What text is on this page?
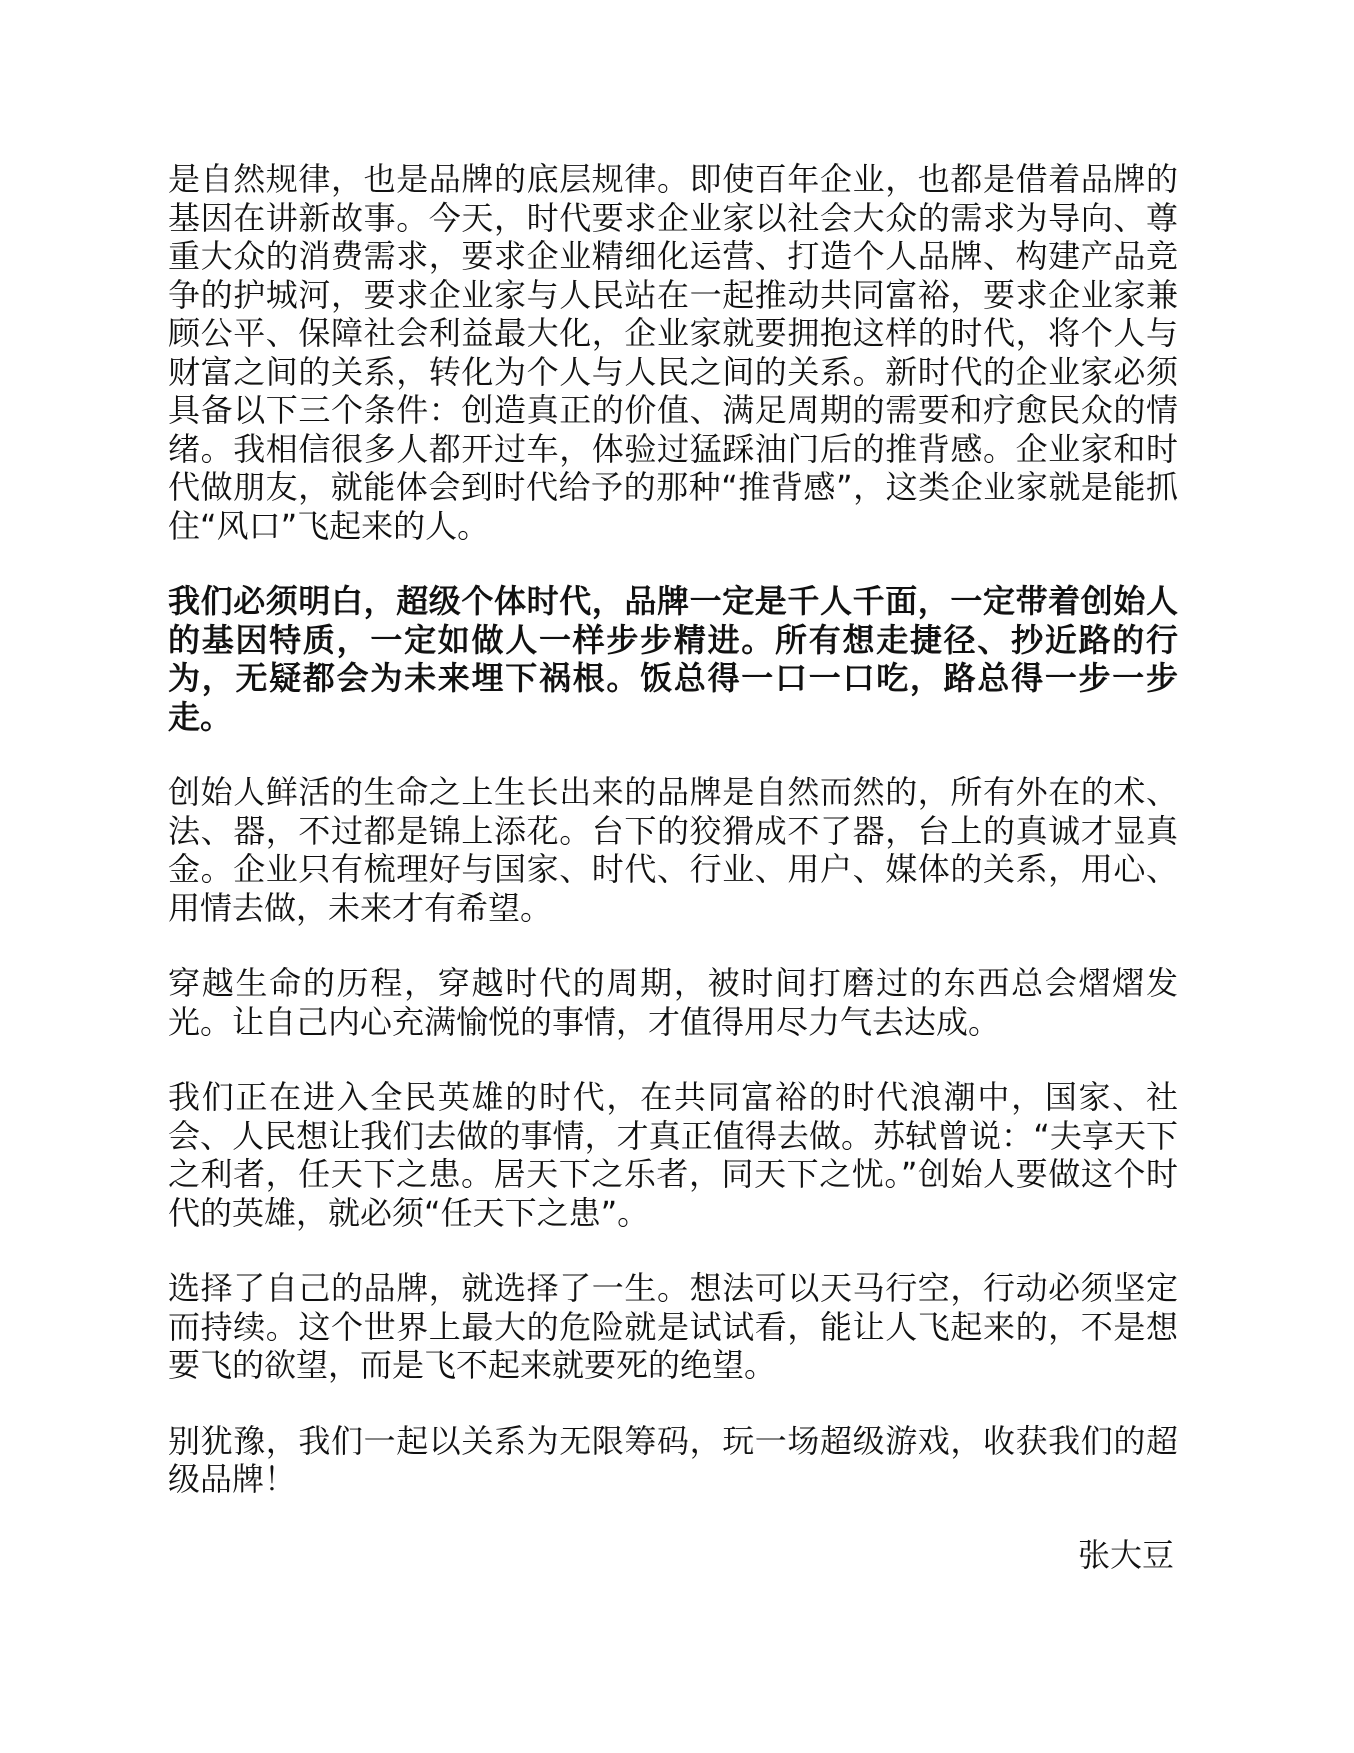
是自然规律，也是品牌的底层规律。即使百年企业，也都是借着品牌的基因在讲新故事。今天，时代要求企业家以社会大众的需求为导向、尊重大众的消费需求，要求企业精细化运营、打造个人品牌、构建产品竞争的护城河，要求企业家与人民站在一起推动共同富裕，要求企业家兼顾公平、保障社会利益最大化，企业家就要拥抱这样的时代，将个人与财富之间的关系，转化为个人与人民之间的关系。新时代的企业家必须具备以下三个条件：创造真正的价值、满足周期的需要和疗愈民众的情绪。我相信很多人都开过车，体验过猛踩油门后的推背感。企业家和时代做朋友，就能体会到时代给予的那种“推背感”，这类企业家就是能抓住“风口”飞起来的人。

我们必须明白，超级个体时代，品牌一定是千人千面，一定带着创始人的基因特质，一定如做人一样步步精进。所有想走捷径、抄近路的行为，无疑都会为未来埋下祸根。饭总得一口一口吃，路总得一步一步走。

创始人鲜活的生命之上生长出来的品牌是自然而然的，所有外在的术、法、器，不过都是锦上添花。台下的狡猾成不了器，台上的真诚才显真金。企业只有梳理好与国家、时代、行业、用户、媒体的关系，用心、用情去做，未来才有希望。

穿越生命的历程，穿越时代的周期，被时间打磨过的东西总会熠熠发光。让自己内心充满愉悦的事情，才值得用尽力气去达成。

我们正在进入全民英雄的时代，在共同富裕的时代浪潮中，国家、社会、人民想让我们去做的事情，才真正值得去做。苏轼曾说：“夫享天下之利者，任天下之患。居天下之乐者，同天下之忧。”创始人要做这个时代的英雄，就必须“任天下之患”。

选择了自己的品牌，就选择了一生。想法可以天马行空，行动必须坚定而持续。这个世界上最大的危险就是试试看，能让人飞起来的，不是想要飞的欲望，而是飞不起来就要死的绝望。

别犹豫，我们一起以关系为无限筹码，玩一场超级游戏，收获我们的超级品牌！

张大豆
